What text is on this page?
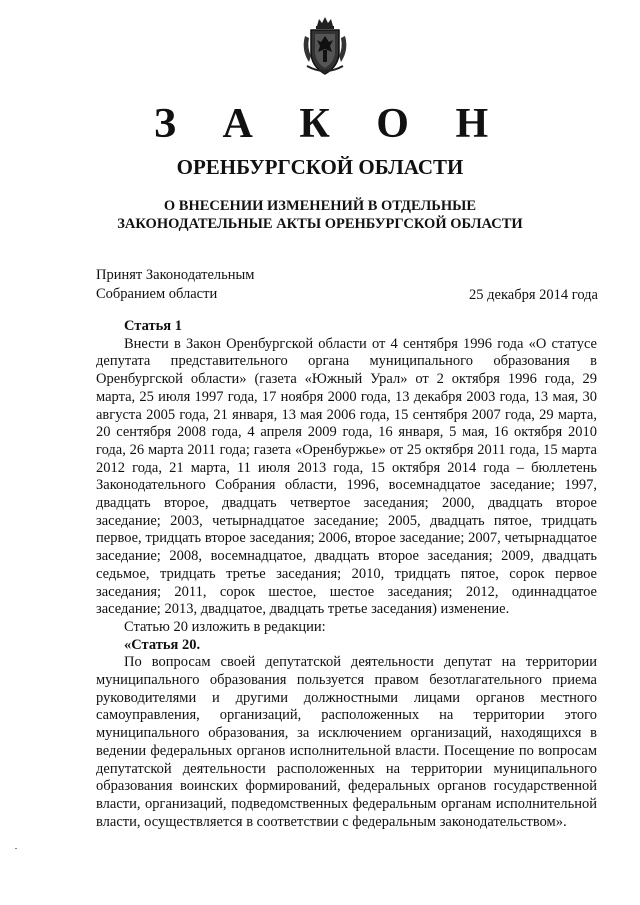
З А К О Н
ОРЕНБУРГСКОЙ ОБЛАСТИ
О ВНЕСЕНИИ ИЗМЕНЕНИЙ В ОТДЕЛЬНЫЕ
ЗАКОНОДАТЕЛЬНЫЕ АКТЫ ОРЕНБУРГСКОЙ ОБЛАСТИ
Принят Законодательным
Собранием области	25 декабря 2014 года

Статья 1

Внести в Закон Оренбургской области от 4 сентября 1996 года «О статусе депутата представительного органа муниципального образования в Оренбургской области» (газета «Южный Урал» от 2 октября 1996 года, 29 марта, 25 июля 1997 года, 17 ноября 2000 года, 13 декабря 2003 года, 13 мая, 30 августа 2005 года, 21 января, 13 мая 2006 года, 15 сентября 2007 года, 29 марта, 20 сентября 2008 года, 4 апреля 2009 года, 16 января, 5 мая, 16 октября 2010 года, 26 марта 2011 года; газета «Оренбуржье» от 25 октября 2011 года, 15 марта 2012 года, 21 марта, 11 июля 2013 года, 15 октября 2014 года – бюллетень Законодательного Собрания области, 1996, восемнадцатое заседание; 1997, двадцать второе, двадцать четвертое заседания; 2000, двадцать второе заседание; 2003, четырнадцатое заседание; 2005, двадцать пятое, тридцать первое, тридцать второе заседания; 2006, второе заседание; 2007, четырнадцатое заседание; 2008, восемнадцатое, двадцать второе заседания; 2009, двадцать седьмое, тридцать третье заседания; 2010, тридцать пятое, сорок первое заседания; 2011, сорок шестое, шестое заседания; 2012, одиннадцатое заседание; 2013, двадцатое, двадцать третье заседания) изменение.

Статью 20 изложить в редакции:

«Статья 20.

По вопросам своей депутатской деятельности депутат на территории муниципального образования пользуется правом безотлагательного приема руководителями и другими должностными лицами органов местного самоуправления, организаций, расположенных на территории этого муниципального образования, за исключением организаций, находящихся в ведении федеральных органов исполнительной власти. Посещение по вопросам депутатской деятельности расположенных на территории муниципального образования воинских формирований, федеральных органов государственной власти, организаций, подведомственных федеральным органам исполнительной власти, осуществляется в соответствии с федеральным законодательством».
